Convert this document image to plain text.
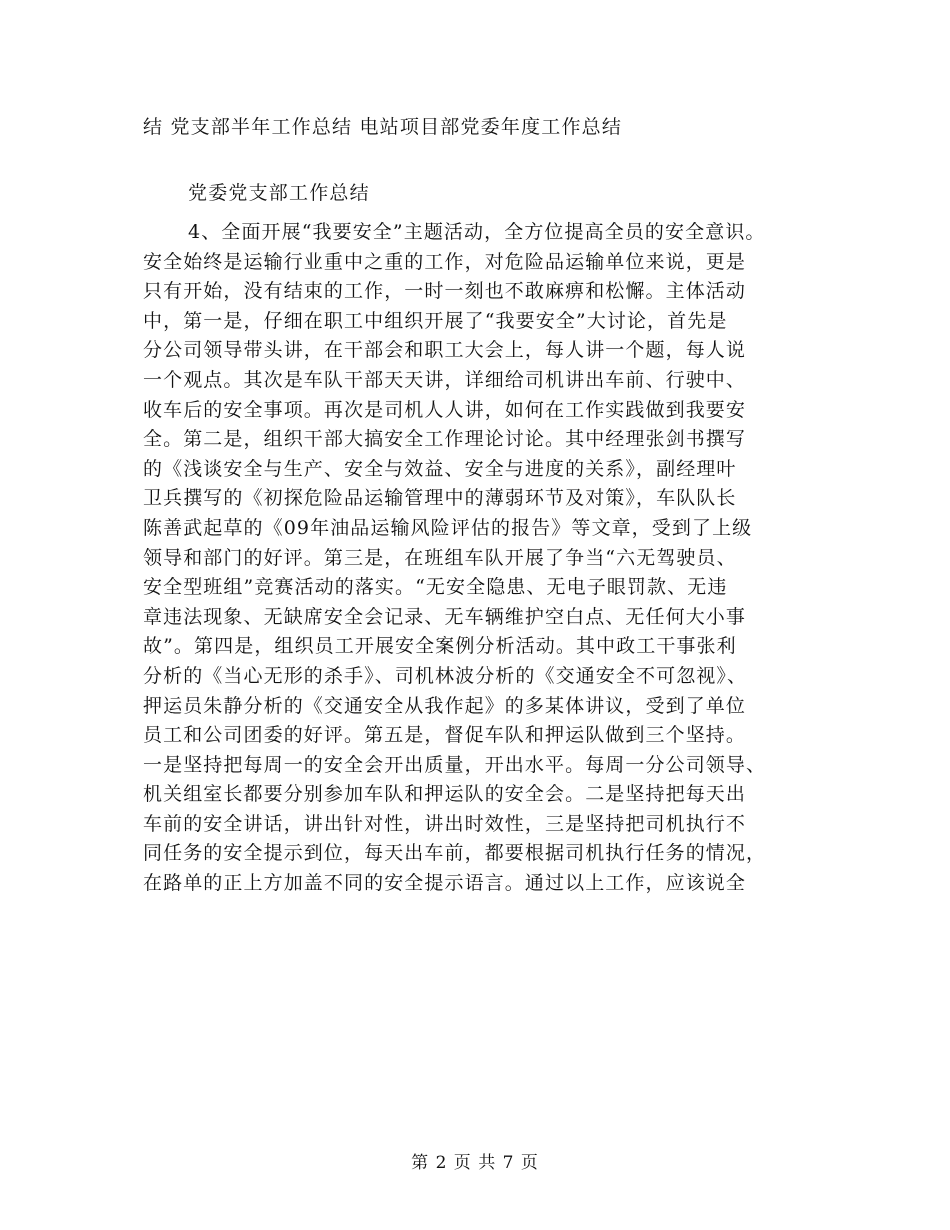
结 党支部半年工作总结 电站项目部党委年度工作总结
党委党支部工作总结
4、全面开展“我要安全”主题活动，全方位提高全员的安全意识。
安全始终是运输行业重中之重的工作，对危险品运输单位来说，更是
只有开始，没有结束的工作，一时一刻也不敢麻痹和松懈。主体活动
中，第一是，仔细在职工中组织开展了“我要安全”大讨论，首先是
分公司领导带头讲，在干部会和职工大会上，每人讲一个题，每人说
一个观点。其次是车队干部天天讲，详细给司机讲出车前、行驶中、
收车后的安全事项。再次是司机人人讲，如何在工作实践做到我要安
全。第二是，组织干部大搞安全工作理论讨论。其中经理张剑书撰写
的《浅谈安全与生产、安全与效益、安全与进度的关系》，副经理叶
卫兵撰写的《初探危险品运输管理中的薄弱环节及对策》，车队队长
陈善武起草的《09年油品运输风险评估的报告》等文章，受到了上级
领导和部门的好评。第三是，在班组车队开展了争当“六无驾驶员、
安全型班组”竞赛活动的落实。“无安全隐患、无电子眼罚款、无违
章违法现象、无缺席安全会记录、无车辆维护空白点、无任何大小事
故”。第四是，组织员工开展安全案例分析活动。其中政工干事张利
分析的《当心无形的杀手》、司机林波分析的《交通安全不可忽视》、
押运员朱静分析的《交通安全从我作起》的多某体讲议，受到了单位
员工和公司团委的好评。第五是，督促车队和押运队做到三个坚持。
一是坚持把每周一的安全会开出质量，开出水平。每周一分公司领导、
机关组室长都要分别参加车队和押运队的安全会。二是坚持把每天出
车前的安全讲话，讲出针对性，讲出时效性，三是坚持把司机执行不
同任务的安全提示到位，每天出车前，都要根据司机执行任务的情况，
在路单的正上方加盖不同的安全提示语言。通过以上工作，应该说全
第 2 页 共 7 页
